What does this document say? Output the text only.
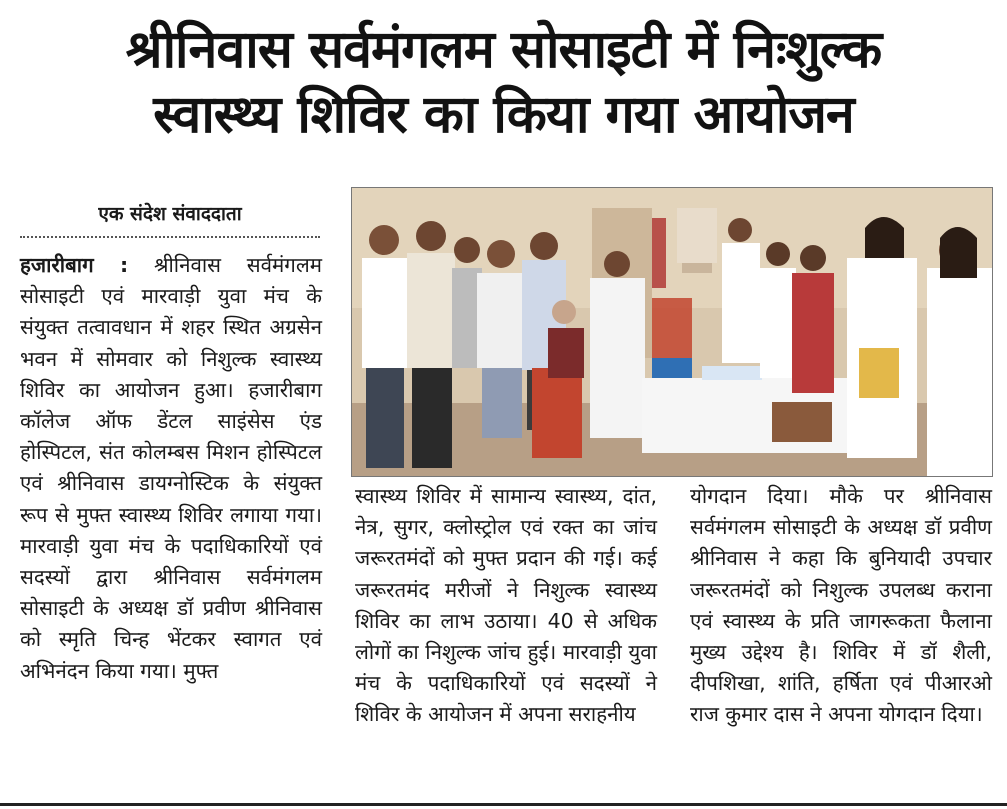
श्रीनिवास सर्वमंगलम सोसाइटी में निःशुल्क
स्वास्थ्य शिविर का किया गया आयोजन
एक संदेश संवाददाता
हजारीबाग : श्रीनिवास सर्वमंगलम सोसाइटी एवं मारवाड़ी युवा मंच के संयुक्त तत्वावधान में शहर स्थित अग्रसेन भवन में सोमवार को निशुल्क स्वास्थ्य शिविर का आयोजन हुआ। हजारीबाग कॉलेज ऑफ डेंटल साइंसेस एंड होस्पिटल, संत कोलम्बस मिशन होस्पिटल एवं श्रीनिवास डायग्नोस्टिक के संयुक्त रूप से मुफ्त स्वास्थ्य शिविर लगाया गया। मारवाड़ी युवा मंच के पदाधिकारियों एवं सदस्यों द्वारा श्रीनिवास सर्वमंगलम सोसाइटी के अध्यक्ष डॉ प्रवीण श्रीनिवास को स्मृति चिन्ह भेंटकर स्वागत एवं अभिनंदन किया गया। मुफ्त
स्वास्थ्य शिविर में सामान्य स्वास्थ्य, दांत, नेत्र, सुगर, क्लोस्ट्रोल एवं रक्त का जांच जरूरतमंदों को मुफ्त प्रदान की गई। कई जरूरतमंद मरीजों ने निशुल्क स्वास्थ्य शिविर का लाभ उठाया। 40 से अधिक लोगों का निशुल्क जांच हुई। मारवाड़ी युवा मंच के पदाधिकारियों एवं सदस्यों ने शिविर के आयोजन में अपना सराहनीय
योगदान दिया। मौके पर श्रीनिवास सर्वमंगलम सोसाइटी के अध्यक्ष डॉ प्रवीण श्रीनिवास ने कहा कि बुनियादी उपचार जरूरतमंदों को निशुल्क उपलब्ध कराना एवं स्वास्थ्य के प्रति जागरूकता फैलाना मुख्य उद्देश्य है। शिविर में डॉ शैली, दीपशिखा, शांति, हर्षिता एवं पीआरओ राज कुमार दास ने अपना योगदान दिया।
